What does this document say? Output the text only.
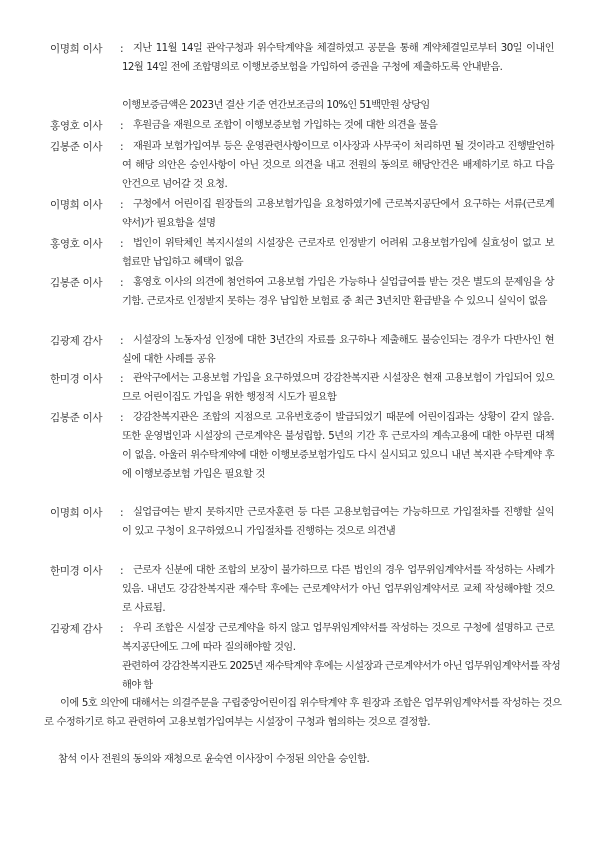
이명희 이사	: 지난 11월 14일 관악구청과 위수탁계약을 체결하였고 공문을 통해 계약체결일로부터 30일 이내인 12월 14일 전에 조합명의로 이행보증보험을 가입하여 증권을 구청에 제출하도록 안내받음.
이행보증금액은 2023년 결산 기준 연간보조금의 10%인 51백만원 상당임
홍영호 이사	: 후원금을 재원으로 조합이 이행보증보험 가입하는 것에 대한 의견을 물음
김봉준 이사	: 재원과 보험가입여부 등은 운영관련사항이므로 이사장과 사무국이 처리하면 될 것이라고 진행발언하여 해당 의안은 승인사항이 아닌 것으로 의견을 내고 전원의 동의로 해당안건은 배제하기로 하고 다음 안건으로 넘어갈 것 요청.
이명희 이사	: 구청에서 어린이집 원장들의 고용보험가입을 요청하였기에 근로복지공단에서 요구하는 서류(근로계약서)가 필요함을 설명
홍영호 이사	: 법인이 위탁체인 복지시설의 시설장은 근로자로 인정받기 어려워 고용보험가입에 실효성이 없고 보험료만 납입하고 혜택이 없음
김봉준 이사	: 홍영호 이사의 의견에 첨언하여 고용보험 가입은 가능하나 실업급여를 받는 것은 별도의 문제임을 상기함. 근로자로 인정받지 못하는 경우 납입한 보험료 중 최근 3년치만 환급받을 수 있으니 실익이 없음
김광제 감사	: 시설장의 노동자성 인정에 대한 3년간의 자료를 요구하나 제출해도 불승인되는 경우가 다반사인 현실에 대한 사례를 공유
한미경 이사	: 관악구에서는 고용보험 가입을 요구하였으며 강감찬복지관 시설장은 현재 고용보험이 가입되어 있으므로 어린이집도 가입을 위한 행정적 시도가 필요함
김봉준 이사	: 강감찬복지관은 조합의 지점으로 고유번호증이 발급되었기 때문에 어린이집과는 상황이 같지 않음. 또한 운영법인과 시설장의 근로계약은 불성립함. 5년의 기간 후 근로자의 계속고용에 대한 아무런 대책이 없음. 아울러 위수탁계약에 대한 이행보증보험가입도 다시 실시되고 있으니 내년 복지관 수탁계약 후에 이행보증보험 가입은 필요할 것
이명희 이사	: 실업급여는 받지 못하지만 근로자훈련 등 다른 고용보험급여는 가능하므로 가입절차를 진행할 실익이 있고 구청이 요구하였으니 가입절차를 진행하는 것으로 의견냄
한미경 이사	: 근로자 신분에 대한 조합의 보장이 불가하므로 다른 법인의 경우 업무위임계약서를 작성하는 사례가 있음. 내년도 강감찬복지관 재수탁 후에는 근로계약서가 아닌 업무위임계약서로 교체 작성해야할 것으로 사료됨.
김광제 감사	: 우리 조합은 시설장 근로계약을 하지 않고 업무위임계약서를 작성하는 것으로 구청에 설명하고 근로복지공단에도 그에 따라 질의해야할 것임.
관련하여 강감찬복지관도 2025년 재수탁계약 후에는 시설장과 근로계약서가 아닌 업무위임계약서를 작성해야 함
이에 5호 의안에 대해서는 의결주문을 구립중앙어린이집 위수탁계약 후 원장과 조합은 업무위임계약서를 작성하는 것으로 수정하기로 하고 관련하여 고용보험가입여부는 시설장이 구청과 협의하는 것으로 결정함.
참석 이사 전원의 동의와 재청으로 윤숙연 이사장이 수정된 의안을 승인함.
